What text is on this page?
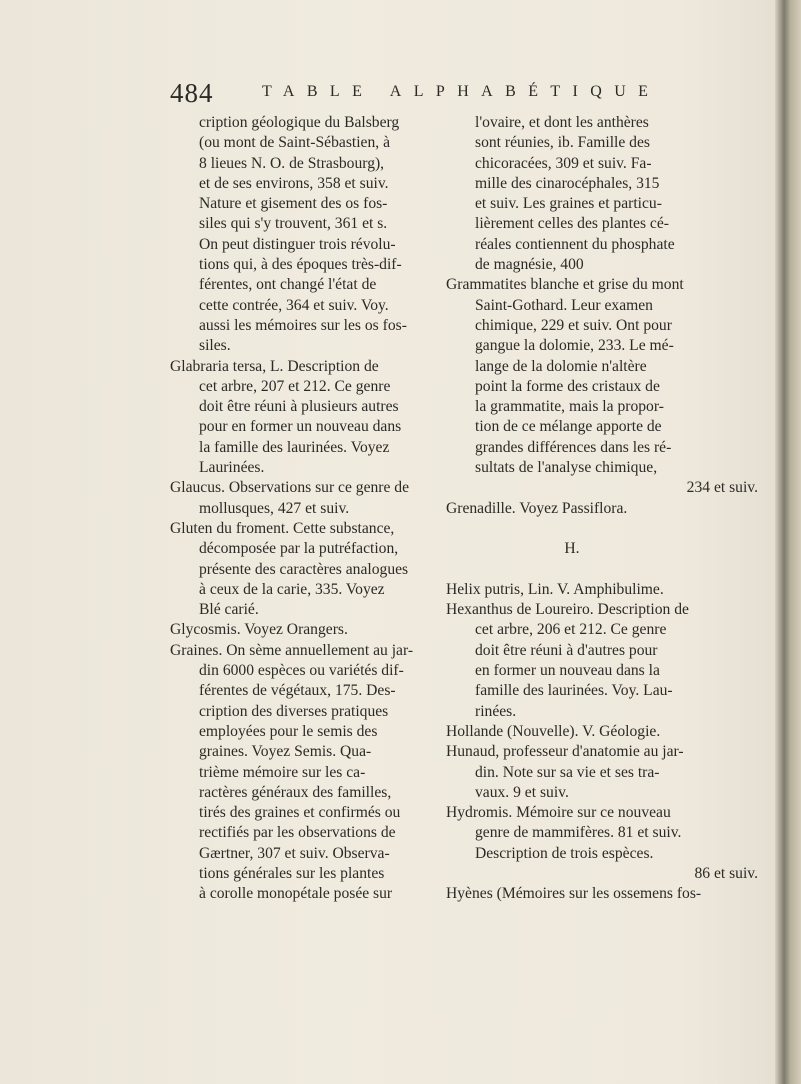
484	TABLE ALPHABÉTIQUE
cription géologique du Balsberg
(ou mont de Saint-Sébastien, à
8 lieues N. O. de Strasbourg),
et de ses environs, 358 et suiv.
Nature et gisement des os fos-
siles qui s'y trouvent, 361 et s.
On peut distinguer trois révolu-
tions qui, à des époques très-dif-
férentes, ont changé l'état de
cette contrée, 364 et suiv. Voy.
aussi les mémoires sur les os fos-
siles.
Glabraria tersa, L. Description de
cet arbre, 207 et 212. Ce genre
doit être réuni à plusieurs autres
pour en former un nouveau dans
la famille des laurinées. Voyez
Laurinées.
Glaucus. Observations sur ce genre de
mollusques, 427 et suiv.
Gluten du froment. Cette substance,
décomposée par la putréfaction,
présente des caractères analogues
à ceux de la carie, 335. Voyez
Blé carié.
Glycosmis. Voyez Orangers.
Graines. On sème annuellement au jar-
din 6000 espèces ou variétés dif-
férentes de végétaux, 175. Des-
cription des diverses pratiques
employées pour le semis des
graines. Voyez Semis. Qua-
trième mémoire sur les ca-
ractères généraux des familles,
tirés des graines et confirmés ou
rectifiés par les observations de
Gærtner, 307 et suiv. Observa-
tions générales sur les plantes
à corolle monopétale posée sur
l'ovaire, et dont les anthères
sont réunies, ib. Famille des
chicoracées, 309 et suiv. Fa-
mille des cinarocéphales, 315
et suiv. Les graines et particu-
lièrement celles des plantes cé-
réales contiennent du phosphate
de magnésie, 400
Grammatites blanche et grise du mont
Saint-Gothard. Leur examen
chimique, 229 et suiv. Ont pour
gangue la dolomie, 233. Le mé-
lange de la dolomie n'altère
point la forme des cristaux de
la grammatite, mais la propor-
tion de ce mélange apporte de
grandes différences dans les ré-
sultats de l'analyse chimique,
234 et suiv.
Grenadille. Voyez Passiflora.
H.
Helix putris, Lin. V. Amphibulime.
Hexanthus de Loureiro. Description de
cet arbre, 206 et 212. Ce genre
doit être réuni à d'autres pour
en former un nouveau dans la
famille des laurinées. Voy. Lau-
rinées.
Hollande (Nouvelle). V. Géologie.
Hunaud, professeur d'anatomie au jar-
din. Note sur sa vie et ses tra-
vaux. 9 et suiv.
Hydromis. Mémoire sur ce nouveau
genre de mammifères. 81 et suiv.
Description de trois espèces.
86 et suiv.
Hyènes (Mémoires sur les ossemens fos-
